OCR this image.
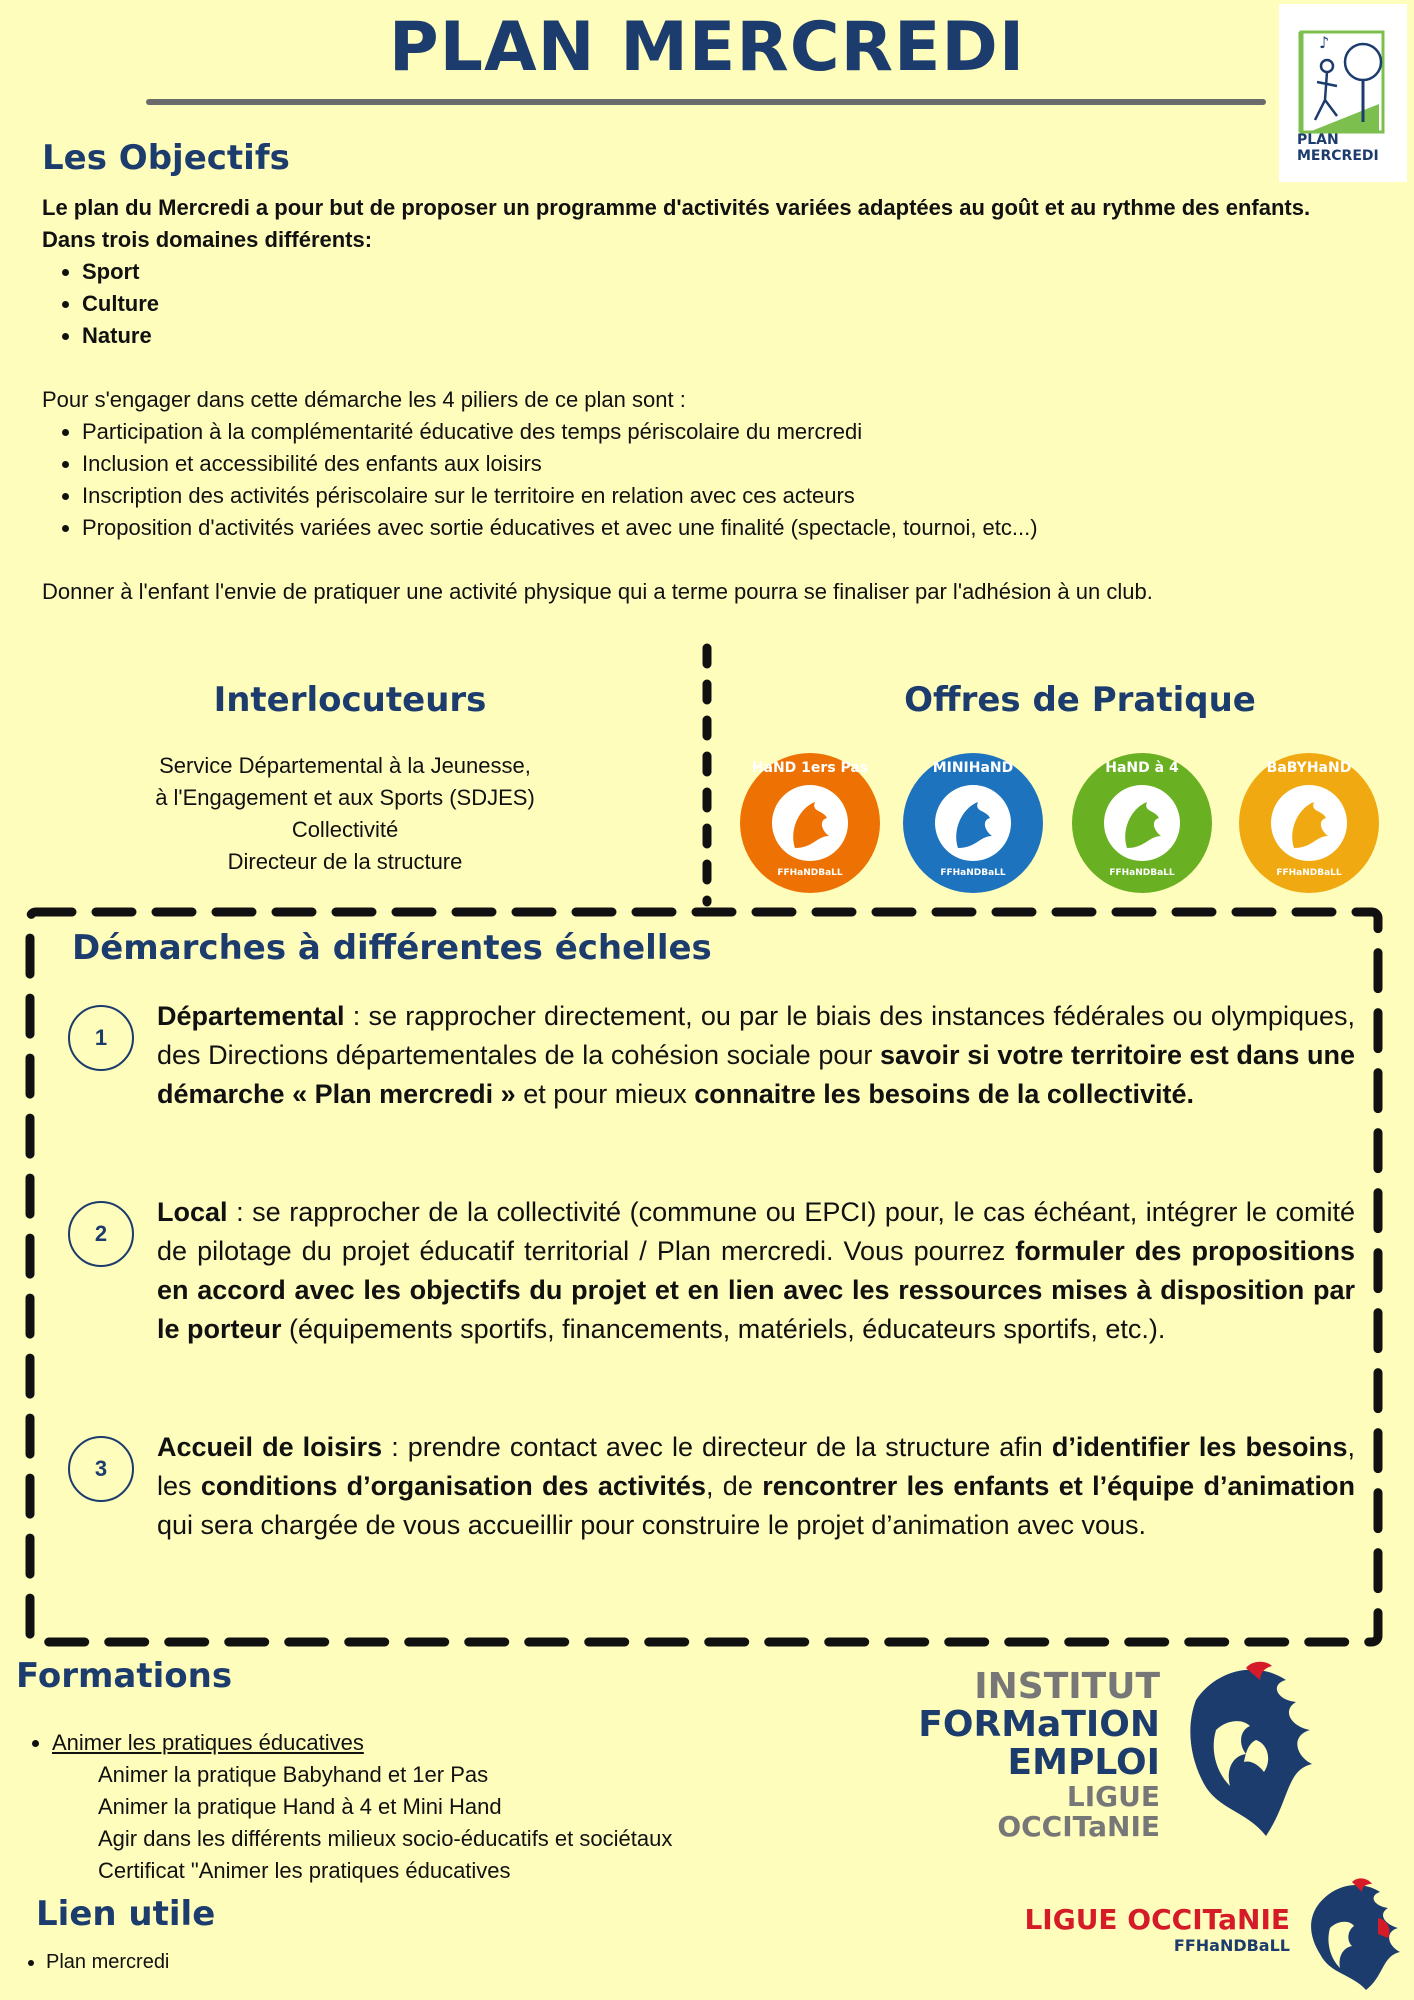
PLAN MERCREDI	♪
PLAN
MERCREDI
Les Objectifs
Le plan du Mercredi a pour but de proposer un programme d'activités variées adaptées au goût et au rythme des enfants. Dans trois domaines différents:
• Sport
• Culture
• Nature
Pour s'engager dans cette démarche les 4 piliers de ce plan sont :
• Participation à la complémentarité éducative des temps périscolaire du mercredi
• Inclusion et accessibilité des enfants aux loisirs
• Inscription des activités périscolaire sur le territoire en relation avec ces acteurs
• Proposition d'activités variées avec sortie éducatives et avec une finalité (spectacle, tournoi, etc...)
Donner à l'enfant l'envie de pratiquer une activité physique qui a terme pourra se finaliser par l'adhésion à un club.
Interlocuteurs
Service Départemental à la Jeunesse,
à l'Engagement et aux Sports (SDJES)
Collectivité
Directeur de la structure
Offres de Pratique
HaND 1ers Pas
FFHaNDBaLL
MINIHaND
FFHaNDBaLL
HaND à 4
FFHaNDBaLL
BaBYHaND
FFHaNDBaLL
Démarches à différentes échelles
1
Départemental : se rapprocher directement, ou par le biais des instances fédérales ou olympiques, des Directions départementales de la cohésion sociale pour savoir si votre territoire est dans une démarche « Plan mercredi » et pour mieux connaitre les besoins de la collectivité.
2
Local : se rapprocher de la collectivité (commune ou EPCI) pour, le cas échéant, intégrer le comité de pilotage du projet éducatif territorial / Plan mercredi. Vous pourrez formuler des propositions en accord avec les objectifs du projet et en lien avec les ressources mises à disposition par le porteur (équipements sportifs, financements, matériels, éducateurs sportifs, etc.).
3
Accueil de loisirs : prendre contact avec le directeur de la structure afin d’identifier les besoins, les conditions d’organisation des activités, de rencontrer les enfants et l’équipe d’animation qui sera chargée de vous accueillir pour construire le projet d’animation avec vous.
Formations
• Animer les pratiques éducatives
Animer la pratique Babyhand et 1er Pas
Animer la pratique Hand à 4 et Mini Hand
Agir dans les différents milieux socio-éducatifs et sociétaux
Certificat "Animer les pratiques éducatives
Lien utile
• Plan mercredi
INSTITUT
FORMaTION
EMPLOI
LIGUE
OCCITaNIE
LIGUE OCCITaNIE
FFHaNDBaLL
